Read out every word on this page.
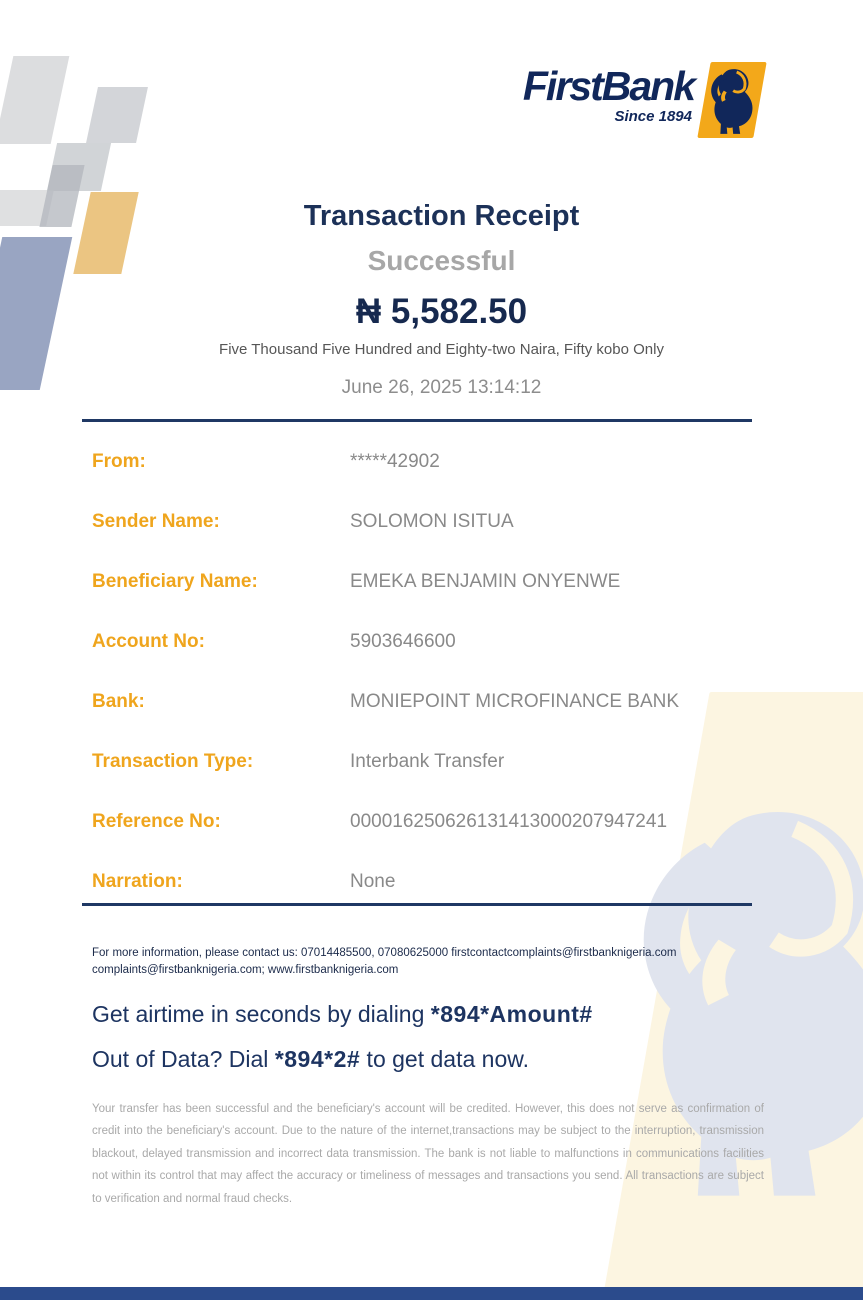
FirstBank
Since 1894
Transaction Receipt
Successful
₦ 5,582.50
Five Thousand Five Hundred and Eighty-two Naira, Fifty kobo Only
June 26, 2025 13:14:12
From:	*****42902
Sender Name:	SOLOMON ISITUA
Beneficiary Name:	EMEKA BENJAMIN ONYENWE
Account No:	5903646600
Bank:	MONIEPOINT MICROFINANCE BANK
Transaction Type:	Interbank Transfer
Reference No:	000016250626131413000207947241
Narration:	None
For more information, please contact us: 07014485500, 07080625000 firstcontactcomplaints@firstbanknigeria.com complaints@firstbanknigeria.com; www.firstbanknigeria.com
Get airtime in seconds by dialing *894*Amount#
Out of Data? Dial *894*2# to get data now.
Your transfer has been successful and the beneficiary's account will be credited. However, this does not serve as confirmation of credit into the beneficiary's account. Due to the nature of the internet,transactions may be subject to the interruption, transmission blackout, delayed transmission and incorrect data transmission. The bank is not liable to malfunctions in communications facilities not within its control that may affect the accuracy or timeliness of messages and transactions you send. All transactions are subject to verification and normal fraud checks.
